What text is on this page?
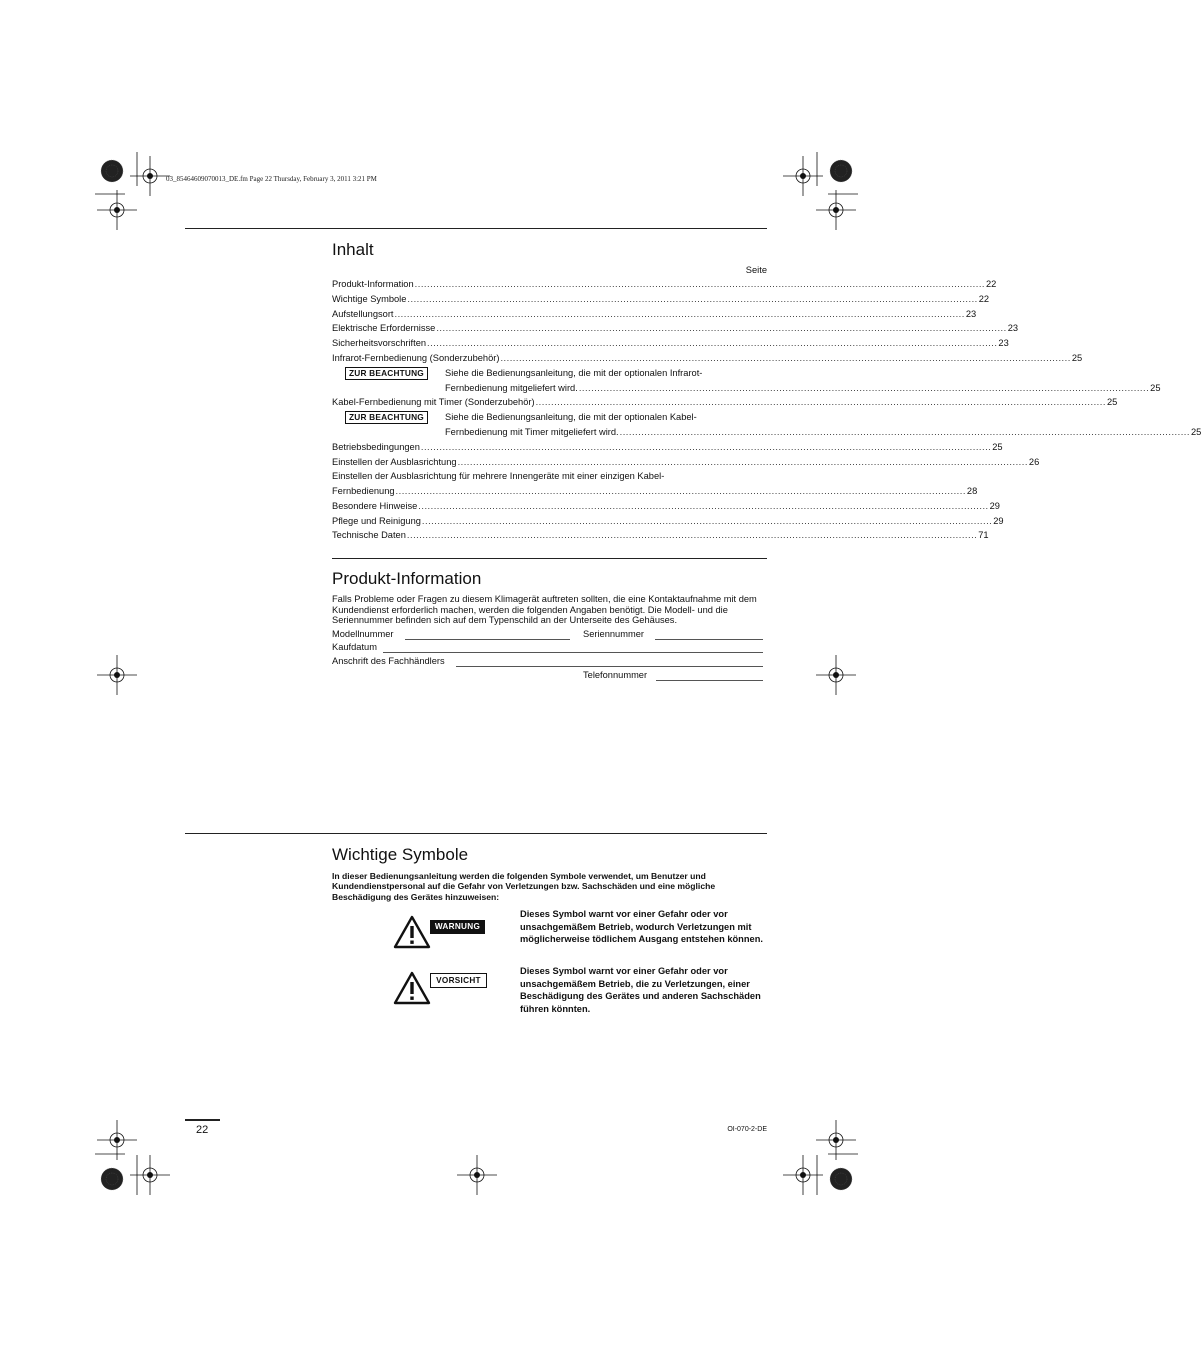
03_85464609070013_DE.fm Page 22 Thursday, February 3, 2011 3:21 PM
Inhalt
Seite
Produkt-Information ......................................................................................................................................................................................... 22
Wichtige Symbole ......................................................................................................................................................................................... 22
Aufstellungsort ......................................................................................................................................................................................... 23
Elektrische Erfordernisse ......................................................................................................................................................................................... 23
Sicherheitsvorschriften ......................................................................................................................................................................................... 23
Infrarot-Fernbedienung (Sonderzubehör) ......................................................................................................................................................................................... 25
ZUR BEACHTUNG	Siehe die Bedienungsanleitung, die mit der optionalen Infrarot-
Fernbedienung mitgeliefert wird. ......................................................................................................................................................................................... 25
Kabel-Fernbedienung mit Timer (Sonderzubehör) ......................................................................................................................................................................................... 25
ZUR BEACHTUNG	Siehe die Bedienungsanleitung, die mit der optionalen Kabel-
Fernbedienung mit Timer mitgeliefert wird. ......................................................................................................................................................................................... 25
Betriebsbedingungen ......................................................................................................................................................................................... 25
Einstellen der Ausblasrichtung ......................................................................................................................................................................................... 26
Einstellen der Ausblasrichtung für mehrere Innengeräte mit einer einzigen Kabel-
Fernbedienung ......................................................................................................................................................................................... 28
Besondere Hinweise ......................................................................................................................................................................................... 29
Pflege und Reinigung ......................................................................................................................................................................................... 29
Technische Daten ......................................................................................................................................................................................... 71
Produkt-Information
Falls Probleme oder Fragen zu diesem Klimagerät auftreten sollten, die eine Kontaktaufnahme mit dem Kundendienst erforderlich machen, werden die folgenden Angaben benötigt. Die Modell- und die Seriennummer befinden sich auf dem Typenschild an der Unterseite des Gehäuses.
Modellnummer	Seriennummer
Kaufdatum
Anschrift des Fachhändlers
Telefonnummer
Wichtige Symbole
In dieser Bedienungsanleitung werden die folgenden Symbole verwendet, um Benutzer und Kundendienstpersonal auf die Gefahr von Verletzungen bzw. Sachschäden und eine mögliche Beschädigung des Gerätes hinzuweisen:
WARNUNG
Dieses Symbol warnt vor einer Gefahr oder vor unsachgemäßem Betrieb, wodurch Verletzungen mit möglicherweise tödlichem Ausgang entstehen können.
VORSICHT
Dieses Symbol warnt vor einer Gefahr oder vor unsachgemäßem Betrieb, die zu Verletzungen, einer Beschädigung des Gerätes und anderen Sachschäden führen könnten.
22	OI-070-2-DE
